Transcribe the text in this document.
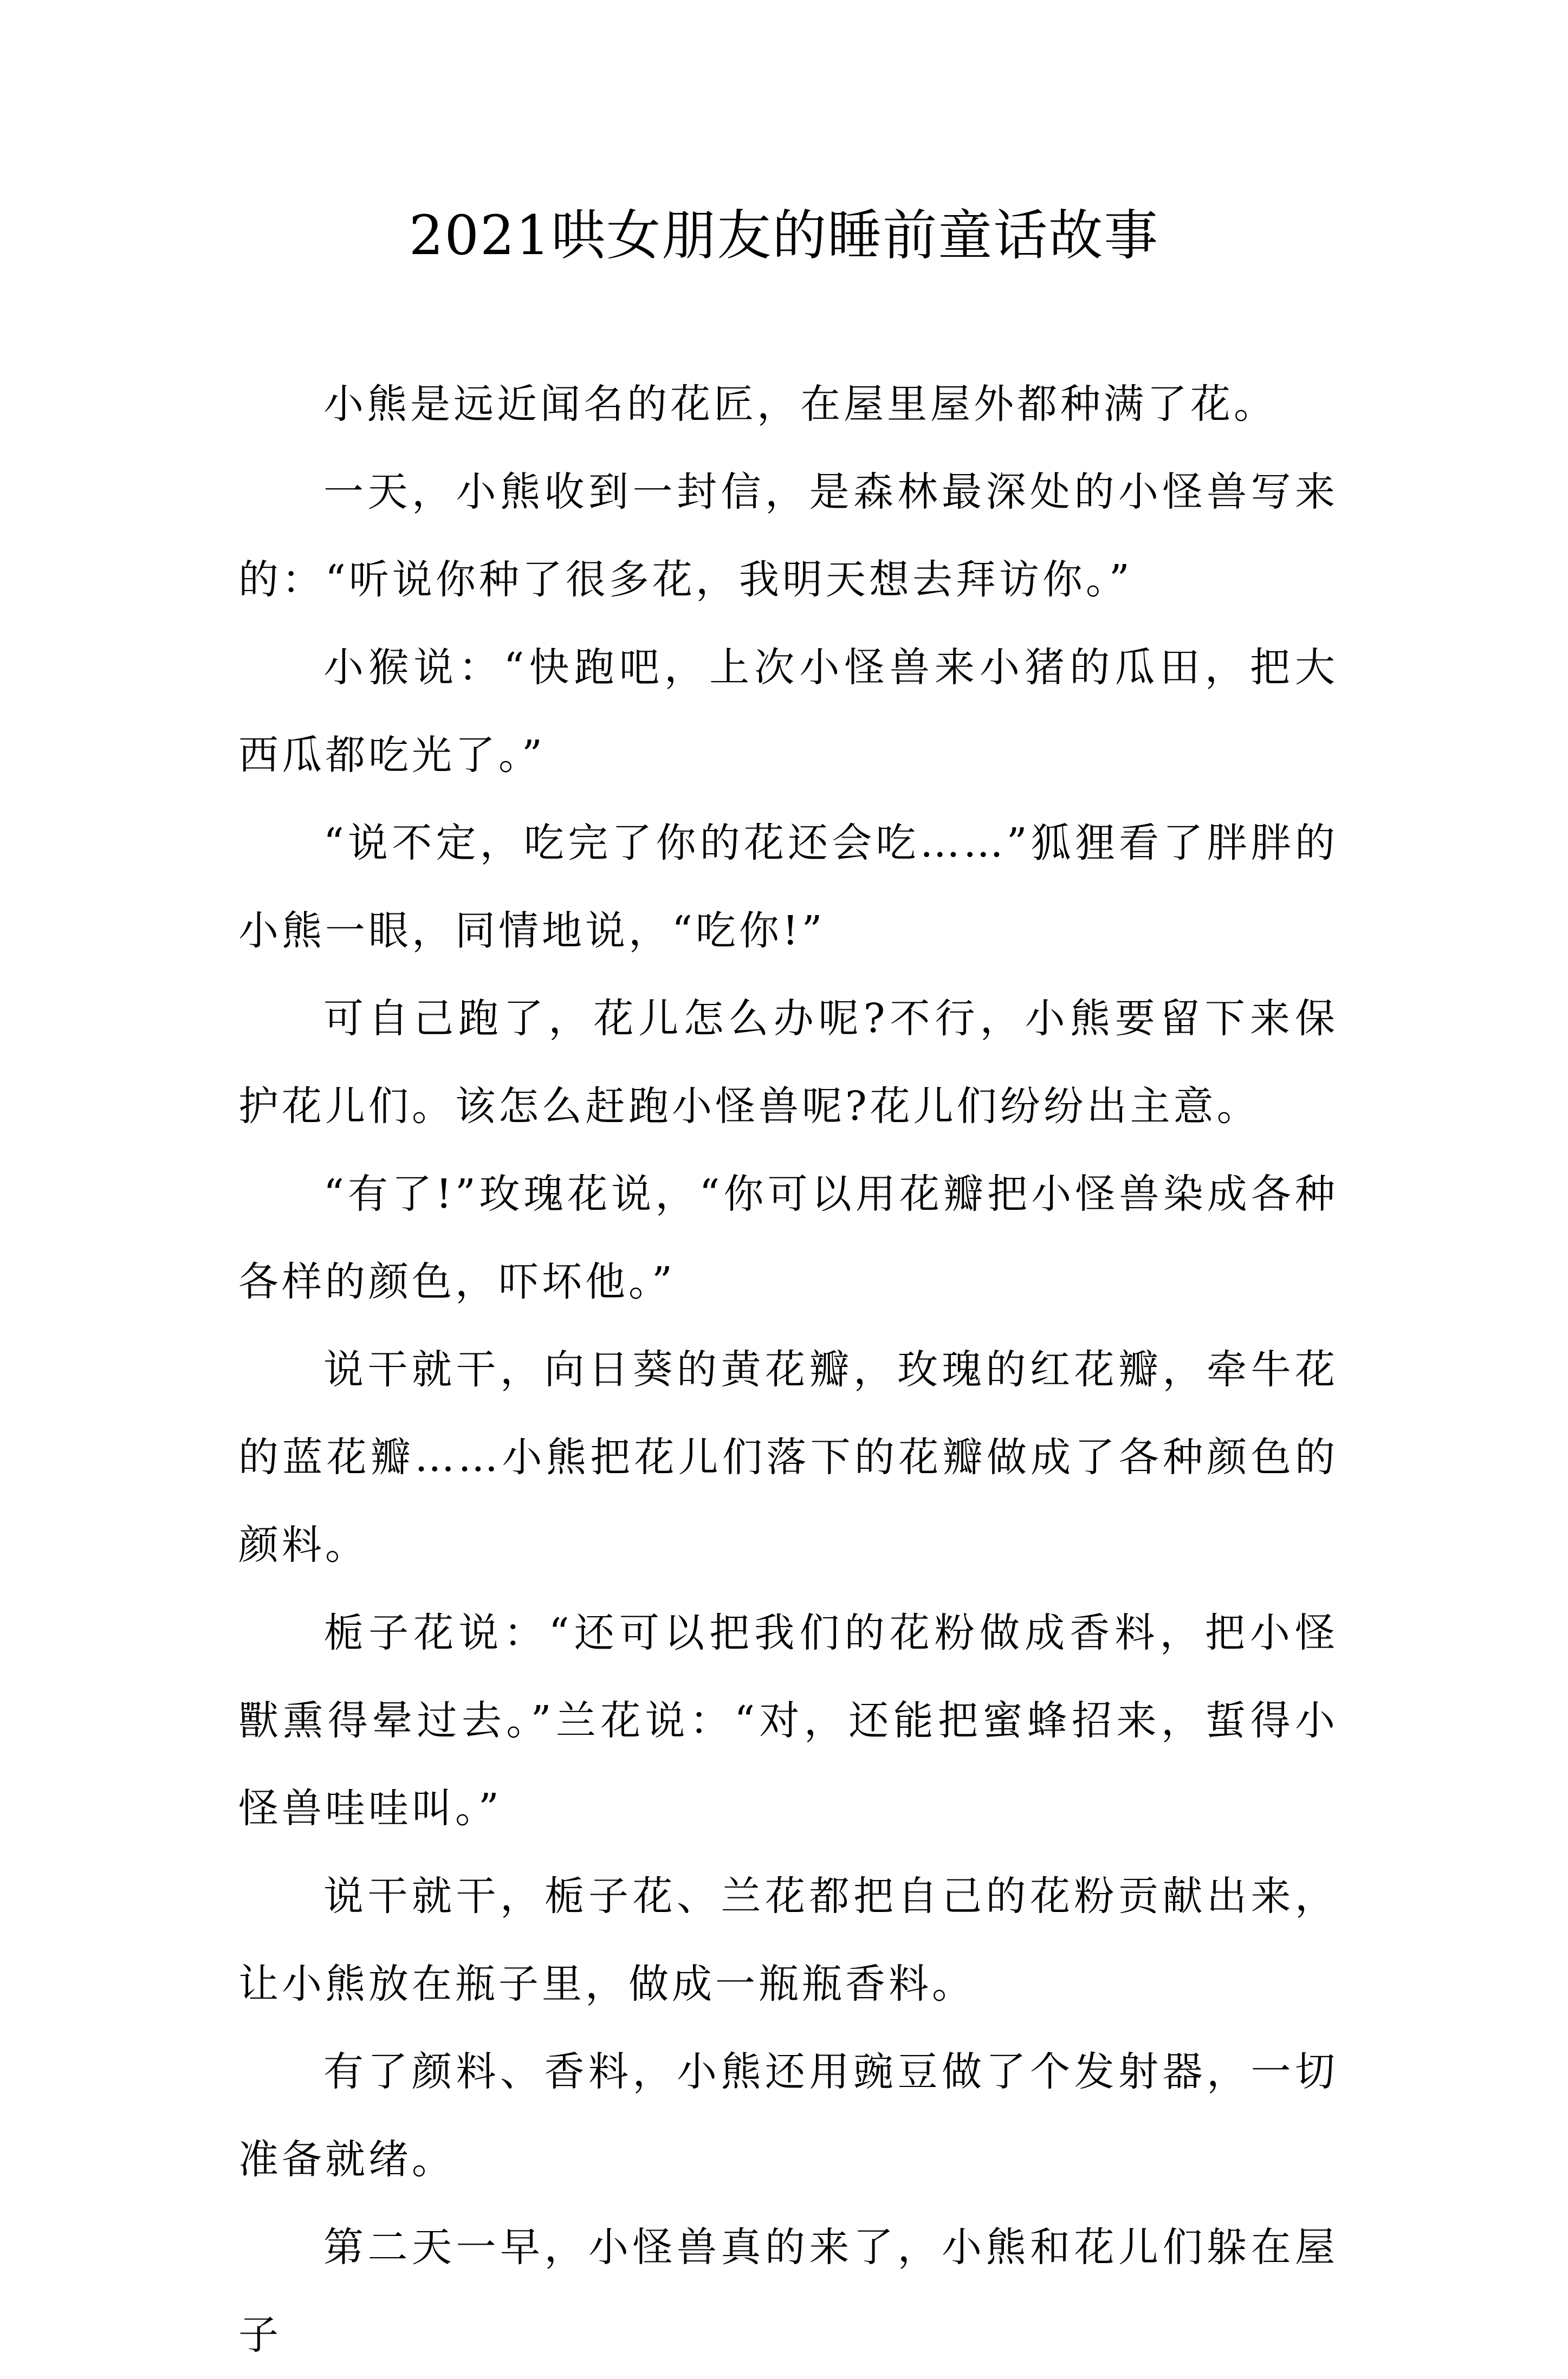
2021哄女朋友的睡前童话故事

小熊是远近闻名的花匠，在屋里屋外都种满了花。

一天，小熊收到一封信，是森林最深处的小怪兽写来的：“听说你种了很多花，我明天想去拜访你。”

小猴说：“快跑吧，上次小怪兽来小猪的瓜田，把大西瓜都吃光了。”

“说不定，吃完了你的花还会吃……”狐狸看了胖胖的小熊一眼，同情地说，“吃你!”

可自己跑了，花儿怎么办呢?不行，小熊要留下来保护花儿们。该怎么赶跑小怪兽呢?花儿们纷纷出主意。

“有了!”玫瑰花说，“你可以用花瓣把小怪兽染成各种各样的颜色，吓坏他。”

说干就干，向日葵的黄花瓣，玫瑰的红花瓣，牵牛花的蓝花瓣……小熊把花儿们落下的花瓣做成了各种颜色的颜料。

栀子花说：“还可以把我们的花粉做成香料，把小怪獸熏得晕过去。”兰花说：“对，还能把蜜蜂招来，蜇得小怪兽哇哇叫。”

说干就干，栀子花、兰花都把自己的花粉贡献出来，让小熊放在瓶子里，做成一瓶瓶香料。

有了颜料、香料，小熊还用豌豆做了个发射器，一切准备就绪。

第二天一早，小怪兽真的来了，小熊和花儿们躲在屋子
